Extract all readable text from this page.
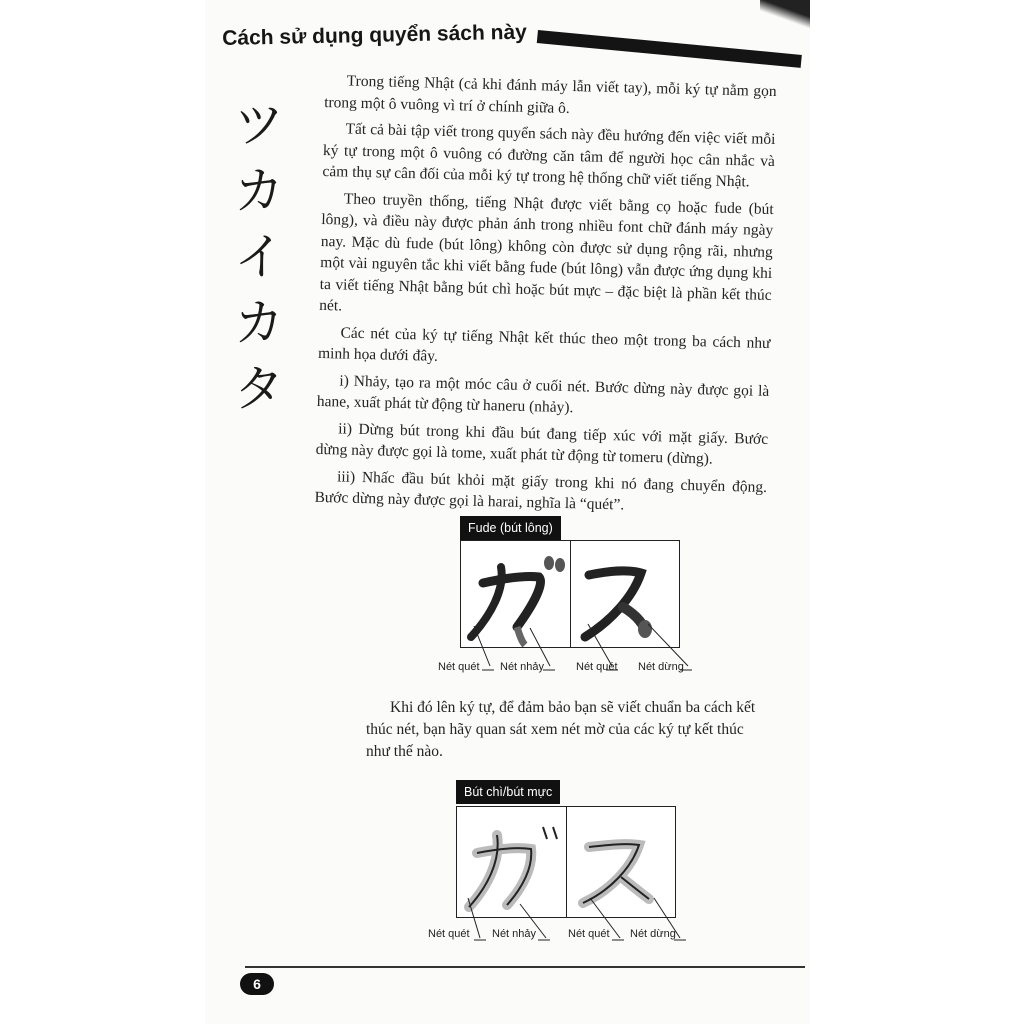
Cách sử dụng quyển sách này
ツ
カ
イ
カ
タ

Trong tiếng Nhật (cả khi đánh máy lẫn viết tay), mỗi ký tự nằm gọn trong một ô vuông vì trí ở chính giữa ô.

Tất cả bài tập viết trong quyển sách này đều hướng đến việc viết mỗi ký tự trong một ô vuông có đường căn tâm để người học cân nhắc và cảm thụ sự cân đối của mỗi ký tự trong hệ thống chữ viết tiếng Nhật.

Theo truyền thống, tiếng Nhật được viết bằng cọ hoặc fude (bút lông), và điều này được phản ánh trong nhiều font chữ đánh máy ngày nay. Mặc dù fude (bút lông) không còn được sử dụng rộng rãi, nhưng một vài nguyên tắc khi viết bằng fude (bút lông) vẫn được ứng dụng khi ta viết tiếng Nhật bằng bút chì hoặc bút mực – đặc biệt là phần kết thúc nét.

Các nét của ký tự tiếng Nhật kết thúc theo một trong ba cách như minh họa dưới đây.

i) Nhảy, tạo ra một móc câu ở cuối nét. Bước dừng này được gọi là hane, xuất phát từ động từ haneru (nhảy).

ii) Dừng bút trong khi đầu bút đang tiếp xúc với mặt giấy. Bước dừng này được gọi là tome, xuất phát từ động từ tomeru (dừng).

iii) Nhấc đầu bút khỏi mặt giấy trong khi nó đang chuyển động. Bước dừng này được gọi là harai, nghĩa là “quét”.

Fude (bút lông)
Nét quét Nét nhảy	Nét quét Nét dừng

Khi đó lên ký tự, để đảm bảo bạn sẽ viết chuẩn ba cách kết thúc nét, bạn hãy quan sát xem nét mờ của các ký tự kết thúc như thế nào.

Bút chì/bút mực
Nét quét Nét nhảy	Nét quét Nét dừng
6
